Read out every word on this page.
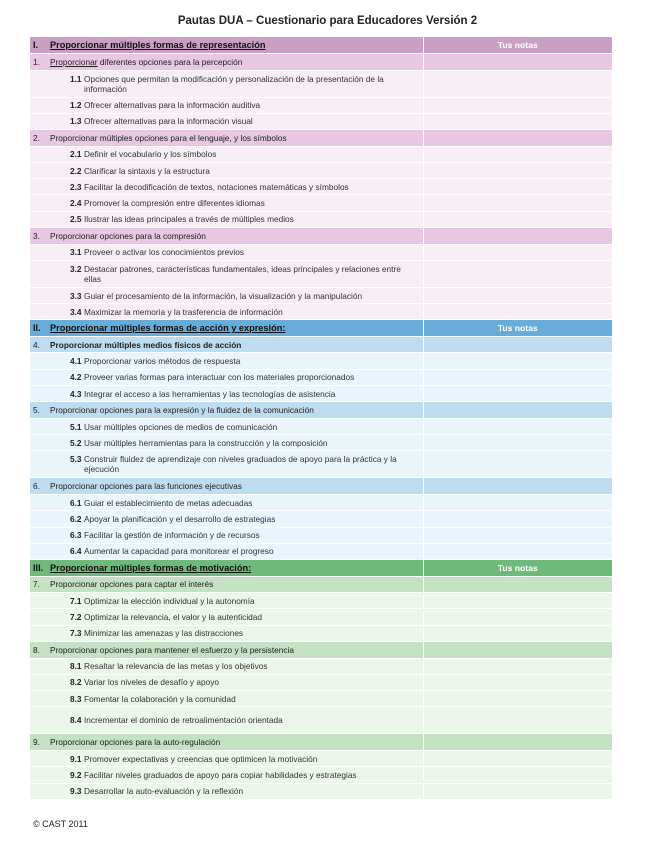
Pautas DUA – Cuestionario para Educadores Versión 2
I.	Proporcionar múltiples formas de representación	Tus notas
1.	Proporcionar diferentes opciones para la percepción	

	1.1 Opciones que permitan la modificación y personalización de la presentación de la información	

	1.2 Ofrecer alternativas para la información auditiva	

	1.3 Ofrecer alternativas para la información visual	

2.	Proporcionar múltiples opciones para el lenguaje, y los símbolos	

	2.1 Definir el vocabulario y los símbolos	

	2.2 Clarificar la sintaxis y la estructura	

	2.3 Facilitar la decodificación de textos, notaciones matemáticas y símbolos	

	2.4 Promover la compresión entre diferentes idiomas	

	2.5 Ilustrar las ideas principales a través de múltiples medios	

3.	Proporcionar opciones para la compresión	

	3.1 Proveer o activar los conocimientos previos	

	3.2 Destacar patrones, características fundamentales, ideas principales y relaciones entre ellas	

	3.3 Guiar el procesamiento de la información, la visualización y la manipulación	

	3.4 Maximizar la memoria y la trasferencia de información	

II.	Proporcionar múltiples formas de acción y expresión:	Tus notas
4.	Proporcionar múltiples medios físicos de acción	

	4.1 Proporcionar varios métodos de respuesta	

	4.2 Proveer varias formas para interactuar con los materiales proporcionados	

	4.3 Integrar el acceso a las herramientas y las tecnologías de asistencia	

5.	Proporcionar opciones para la expresión y la fluidez de la comunicación	

	5.1 Usar múltiples opciones de medios de comunicación	

	5.2 Usar múltiples herramientas para la construcción y la composición	

	5.3 Construir fluidez de aprendizaje con niveles graduados de apoyo para la práctica y la ejecución	

6.	Proporcionar opciones para las funciones ejecutivas	

	6.1 Guiar el establecimiento de metas adecuadas	

	6.2 Apoyar la planificación y el desarrollo de estrategias	

	6.3 Facilitar la gestión de información y de recursos	

	6.4 Aumentar la capacidad para monitorear el progreso	

III.	Proporcionar múltiples formas de motivación:	Tus notas
7.	Proporcionar opciones para captar el interés	

	7.1 Optimizar la elección individual y la autonomía	

	7.2 Optimizar la relevancia, el valor y la autenticidad	

	7.3 Minimizar las amenazas y las distracciones	

8.	Proporcionar opciones para mantener el esfuerzo y la persistencia	

	8.1 Resaltar la relevancia de las metas y los objetivos	

	8.2 Variar los niveles de desafío y apoyo	

	8.3 Fomentar la colaboración y la comunidad	

	8.4 Incrementar el dominio de retroalimentación orientada	

9.	Proporcionar opciones para la auto-regulación	

	9.1 Promover expectativas y creencias que optimicen la motivación	

	9.2 Facilitar niveles graduados de apoyo para copiar habilidades y estrategias	

	9.3 Desarrollar la auto-evaluación y la reflexión	

© CAST 2011
